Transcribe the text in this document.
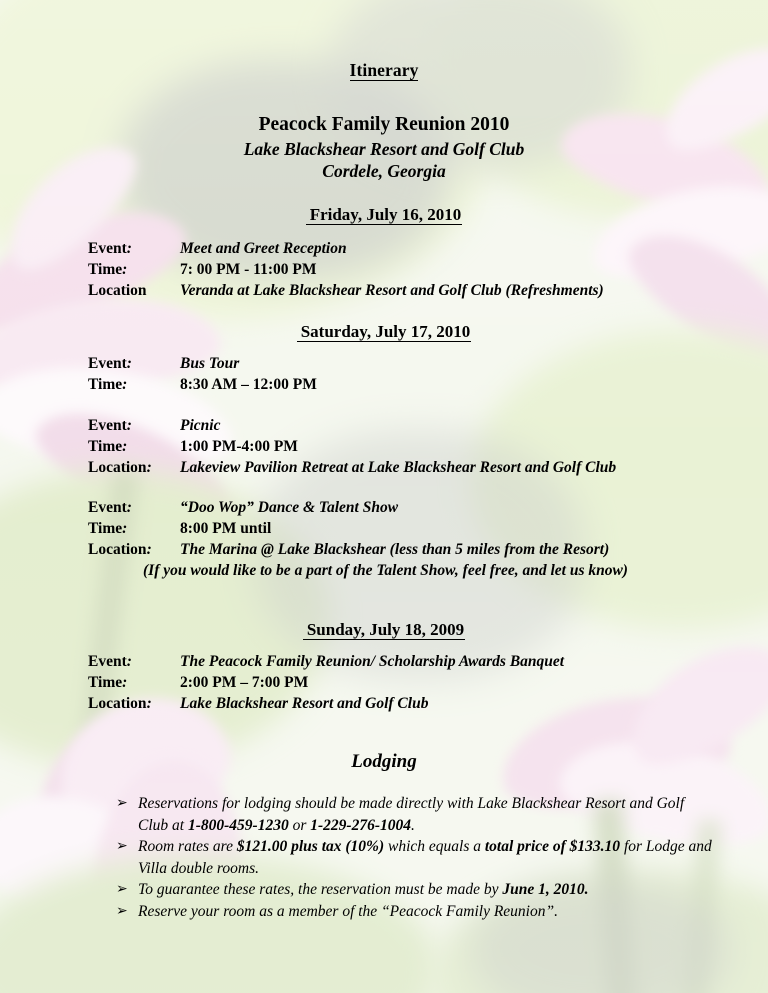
Itinerary
Peacock Family Reunion 2010
Lake Blackshear Resort and Golf Club
Cordele, Georgia
Friday, July 16, 2010
Event:	Meet and Greet Reception
Time:	7: 00 PM - 11:00 PM
Location Veranda at Lake Blackshear Resort and Golf Club (Refreshments)
Saturday, July 17, 2010
Event:	Bus Tour
Time:	8:30 AM – 12:00 PM
Event:	Picnic
Time:	1:00 PM-4:00 PM
Location: Lakeview Pavilion Retreat at Lake Blackshear Resort and Golf Club
Event:	“Doo Wop” Dance & Talent Show
Time:	8:00 PM until
Location: The Marina @ Lake Blackshear (less than 5 miles from the Resort)
(If you would like to be a part of the Talent Show, feel free, and let us know)
Sunday, July 18, 2009
Event:	The Peacock Family Reunion/ Scholarship Awards Banquet
Time:	2:00 PM – 7:00 PM
Location: Lake Blackshear Resort and Golf Club
Lodging
➢ Reservations for lodging should be made directly with Lake Blackshear Resort and Golf Club at 1-800-459-1230 or 1-229-276-1004.
➢ Room rates are $121.00 plus tax (10%) which equals a total price of $133.10 for Lodge and Villa double rooms.
➢ To guarantee these rates, the reservation must be made by June 1, 2010.
➢ Reserve your room as a member of the “Peacock Family Reunion”.
